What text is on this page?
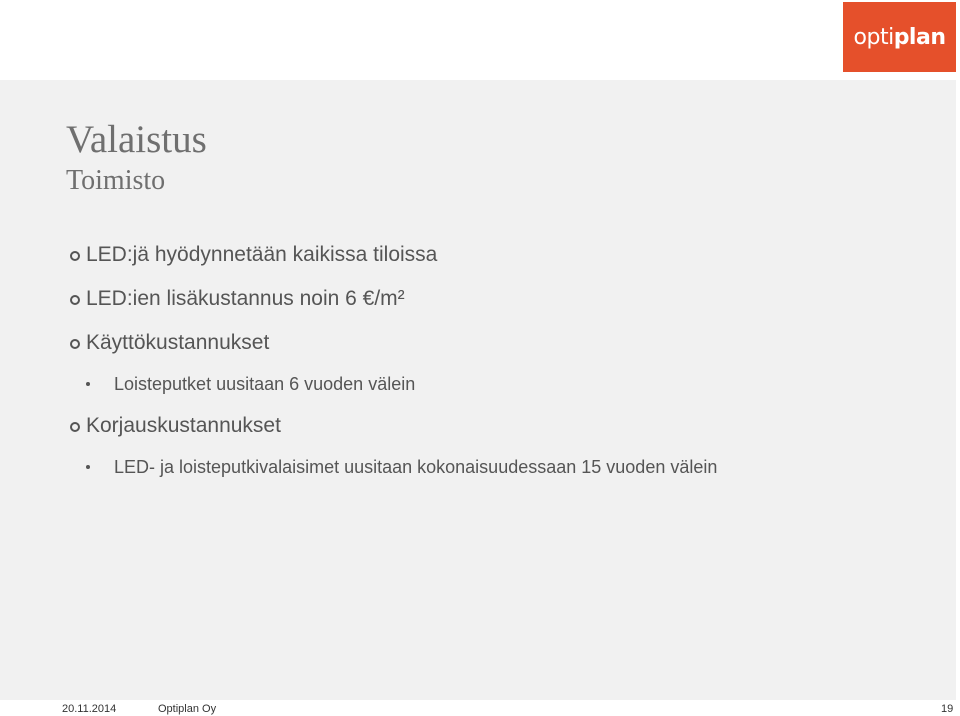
optiplan
Valaistus
Toimisto
LED:jä hyödynnetään kaikissa tiloissa
LED:ien lisäkustannus noin 6 €/m²
Käyttökustannukset
Loisteputket uusitaan 6 vuoden välein
Korjauskustannukset
LED- ja loisteputkivalaisimet uusitaan kokonaisuudessaan 15 vuoden välein
20.11.2014	Optiplan Oy	19
